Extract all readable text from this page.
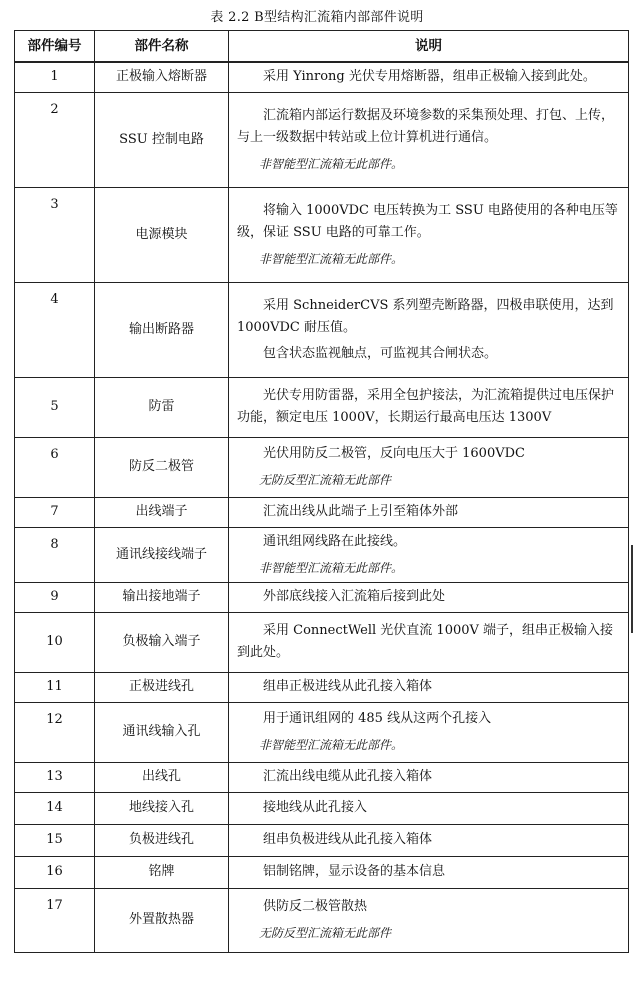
表 2.2 B型结构汇流箱内部部件说明
部件编号	部件名称	说明
1	正极输入熔断器	采用 Yinrong 光伏专用熔断器，组串正极输入接到此处。

2	SSU 控制电路	汇流箱内部运行数据及环境参数的采集预处理、打包、上传，与上一级数据中转站或上位计算机进行通信。

非智能型汇流箱无此部件。

3	电源模块	将输入 1000VDC 电压转换为工 SSU 电路使用的各种电压等级，保证 SSU 电路的可靠工作。

非智能型汇流箱无此部件。

4	输出断路器	采用 SchneiderCVS 系列塑壳断路器，四极串联使用，达到 1000VDC 耐压值。

包含状态监视触点，可监视其合闸状态。

5	防雷	光伏专用防雷器，采用全包护接法，为汇流箱提供过电压保护功能，额定电压 1000V，长期运行最高电压达 1300V

6	防反二极管	光伏用防反二极管，反向电压大于 1600VDC

无防反型汇流箱无此部件

7	出线端子	汇流出线从此端子上引至箱体外部

8	通讯线接线端子	通讯组网线路在此接线。

非智能型汇流箱无此部件。

9	输出接地端子	外部底线接入汇流箱后接到此处

10	负极输入端子	采用 ConnectWell 光伏直流 1000V 端子，组串正极输入接到此处。

11	正极进线孔	组串正极进线从此孔接入箱体

12	通讯线输入孔	用于通讯组网的 485 线从这两个孔接入

非智能型汇流箱无此部件。

13	出线孔	汇流出线电缆从此孔接入箱体

14	地线接入孔	接地线从此孔接入

15	负极进线孔	组串负极进线从此孔接入箱体

16	铭牌	铝制铭牌，显示设备的基本信息

17	外置散热器	供防反二极管散热

无防反型汇流箱无此部件
